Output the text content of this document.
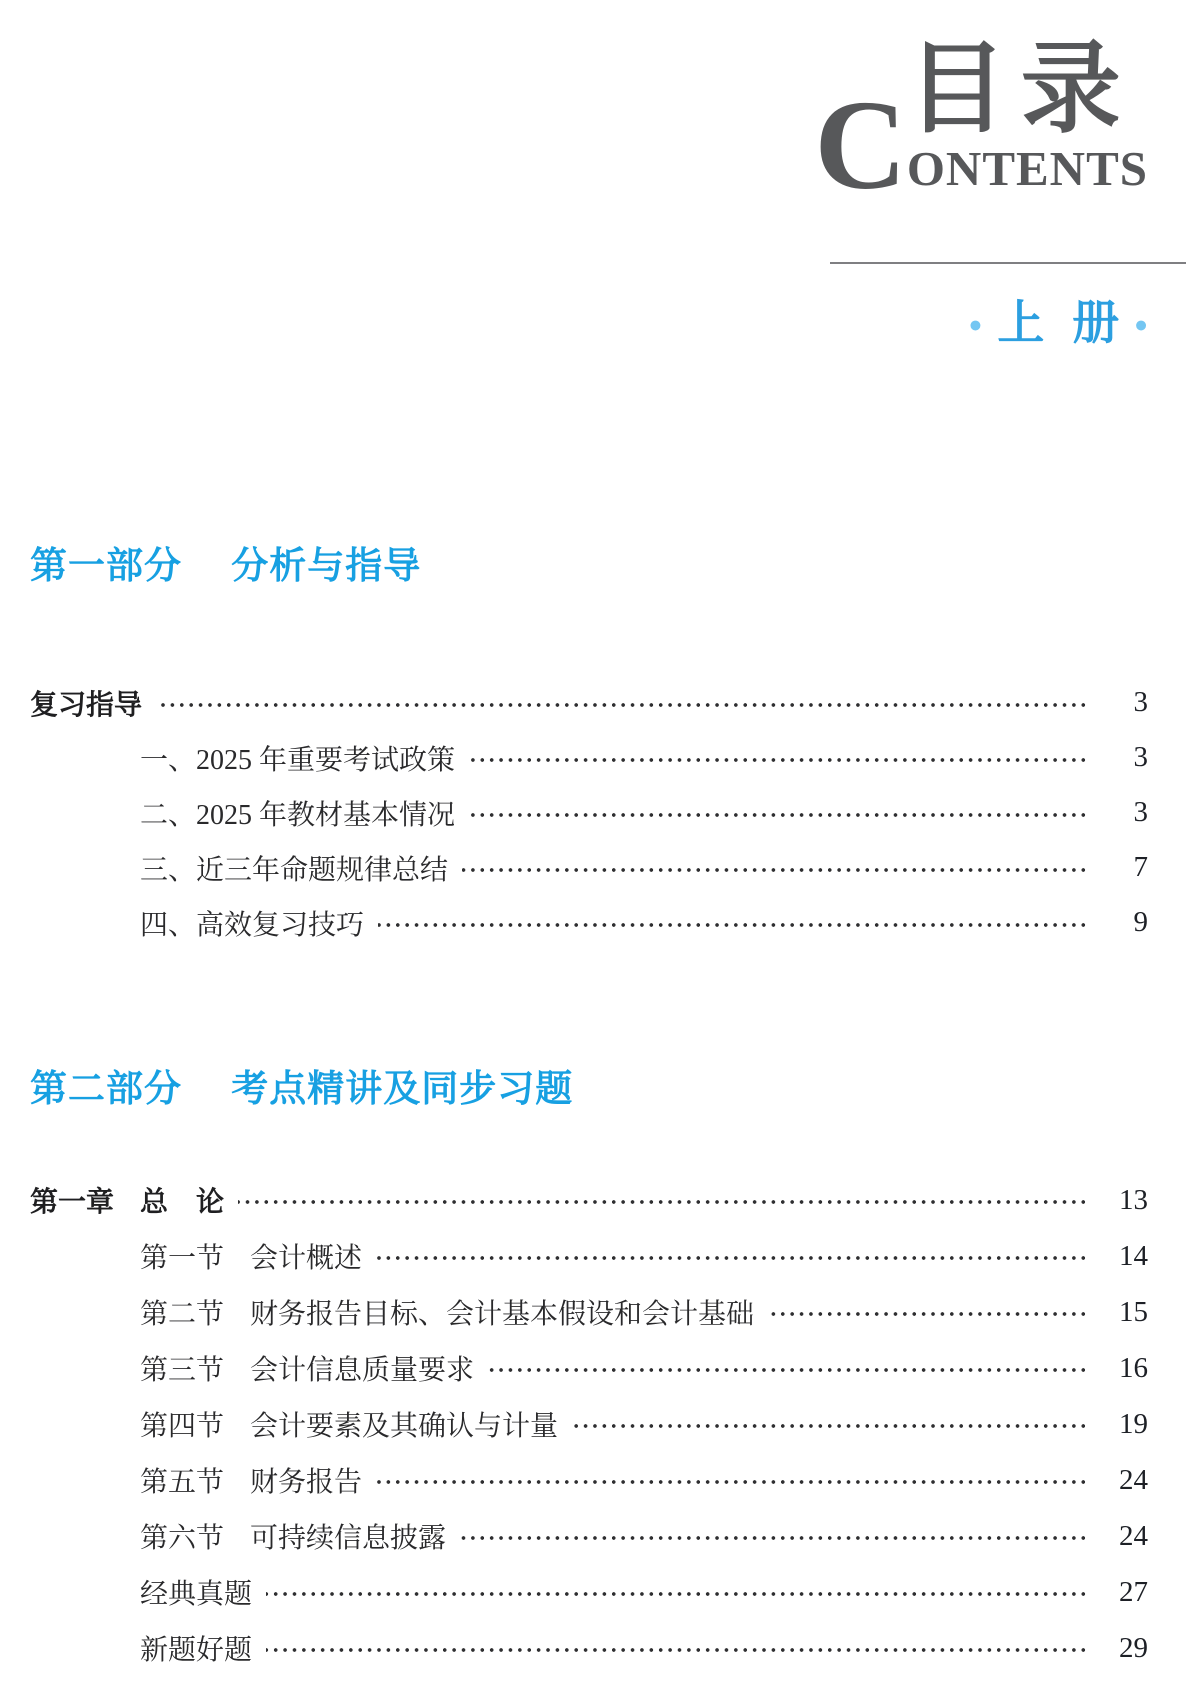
C 目录
ONTENTS
● 上 册 ●
第一部分 分析与指导
复习指导	3
一、2025 年重要考试政策	3
二、2025 年教材基本情况	3
三、近三年命题规律总结	7
四、高效复习技巧	9
第二部分 考点精讲及同步习题
第一章 总　论	13
第一节 会计概述	14
第二节 财务报告目标、会计基本假设和会计基础	15
第三节 会计信息质量要求	16
第四节 会计要素及其确认与计量	19
第五节 财务报告	24
第六节 可持续信息披露	24
经典真题	27
新题好题	29
